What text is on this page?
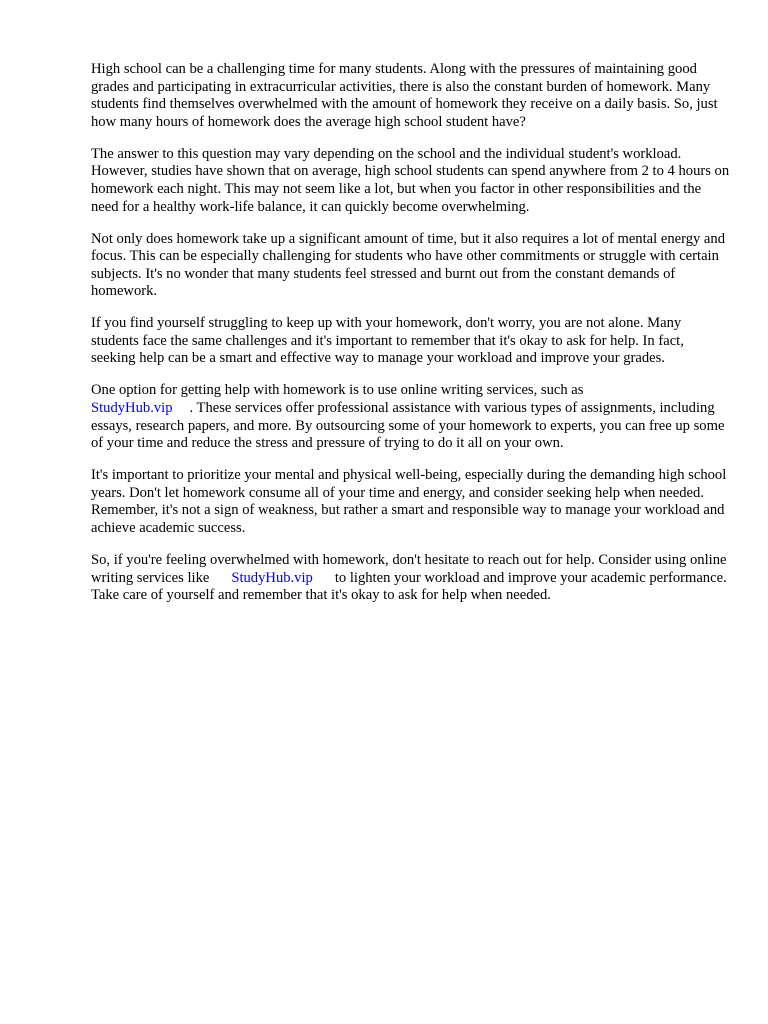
High school can be a challenging time for many students. Along with the pressures of maintaining good grades and participating in extracurricular activities, there is also the constant burden of homework. Many students find themselves overwhelmed with the amount of homework they receive on a daily basis. So, just how many hours of homework does the average high school student have?

The answer to this question may vary depending on the school and the individual student's workload. However, studies have shown that on average, high school students can spend anywhere from 2 to 4 hours on homework each night. This may not seem like a lot, but when you factor in other responsibilities and the need for a healthy work-life balance, it can quickly become overwhelming.

Not only does homework take up a significant amount of time, but it also requires a lot of mental energy and focus. This can be especially challenging for students who have other commitments or struggle with certain subjects. It's no wonder that many students feel stressed and burnt out from the constant demands of homework.

If you find yourself struggling to keep up with your homework, don't worry, you are not alone. Many students face the same challenges and it's important to remember that it's okay to ask for help. In fact, seeking help can be a smart and effective way to manage your workload and improve your grades.

One option for getting help with homework is to use online writing services, such as
StudyHub.vip . These services offer professional assistance with various types of assignments, including essays, research papers, and more. By outsourcing some of your homework to experts, you can free up some of your time and reduce the stress and pressure of trying to do it all on your own.

It's important to prioritize your mental and physical well-being, especially during the demanding high school years. Don't let homework consume all of your time and energy, and consider seeking help when needed. Remember, it's not a sign of weakness, but rather a smart and responsible way to manage your workload and achieve academic success.

So, if you're feeling overwhelmed with homework, don't hesitate to reach out for help. Consider using online writing services like StudyHub.vip to lighten your workload and improve your academic performance. Take care of yourself and remember that it's okay to ask for help when needed.
